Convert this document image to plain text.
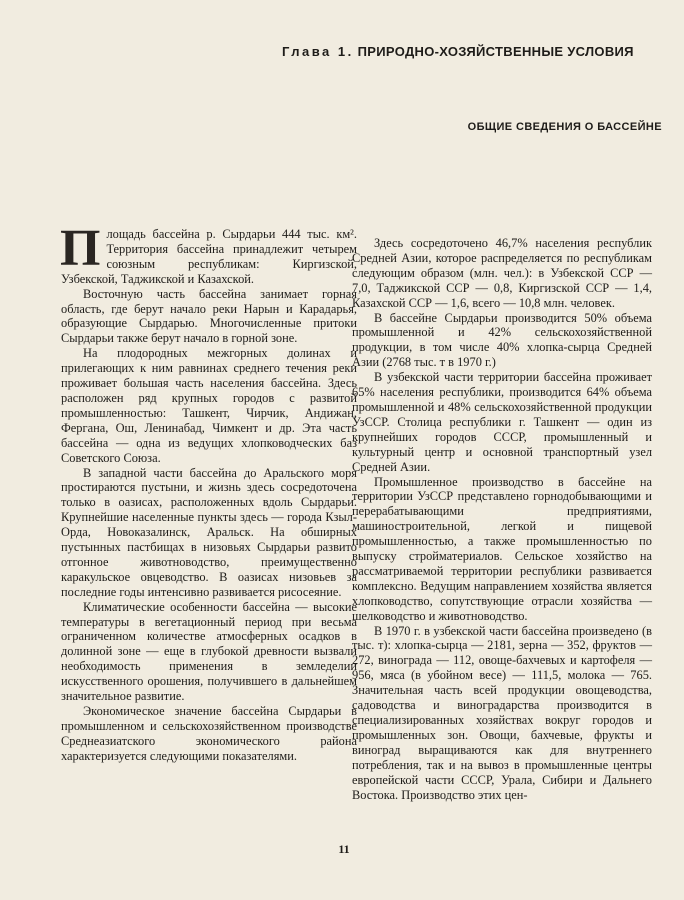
Глава 1. ПРИРОДНО-ХОЗЯЙСТВЕННЫЕ УСЛОВИЯ
ОБЩИЕ СВЕДЕНИЯ О БАССЕЙНЕ

Площадь бассейна р. Сырдарьи 444 тыс. км². Территория бассейна принадлежит четырем союзным республикам: Киргизской, Узбекской, Таджикской и Казахской.

Восточную часть бассейна занимает горная область, где берут начало реки Нарын и Карадарья, образующие Сырдарью. Многочисленные притоки Сырдарьи также берут начало в горной зоне.

На плодородных межгорных долинах и прилегающих к ним равнинах среднего течения реки проживает большая часть населения бассейна. Здесь расположен ряд крупных городов с развитой промышленностью: Ташкент, Чирчик, Андижан, Фергана, Ош, Ленинабад, Чимкент и др. Эта часть бассейна — одна из ведущих хлопководческих баз Советского Союза.

В западной части бассейна до Аральского моря простираются пустыни, и жизнь здесь сосредоточена только в оазисах, расположенных вдоль Сырдарьи. Крупнейшие населенные пункты здесь — города Кзыл-Орда, Новоказалинск, Аральск. На обширных пустынных пастбищах в низовьях Сырдарьи развито отгонное животноводство, преимущественно каракульское овцеводство. В оазисах низовьев за последние годы интенсивно развивается рисосеяние.

Климатические особенности бассейна — высокие температуры в вегетационный период при весьма ограниченном количестве атмосферных осадков в долинной зоне — еще в глубокой древности вызвали необходимость применения в земледелии искусственного орошения, получившего в дальнейшем значительное развитие.

Экономическое значение бассейна Сырдарьи в промышленном и сельскохозяйственном производстве Среднеазиатского экономического района характеризуется следующими показателями.

Здесь сосредоточено 46,7% населения республик Средней Азии, которое распределяется по республикам следующим образом (млн. чел.): в Узбекской ССР — 7,0, Таджикской ССР — 0,8, Киргизской ССР — 1,4, Казахской ССР — 1,6, всего — 10,8 млн. человек.

В бассейне Сырдарьи производится 50% объема промышленной и 42% сельскохозяйственной продукции, в том числе 40% хлопка-сырца Средней Азии (2768 тыс. т в 1970 г.)

В узбекской части территории бассейна проживает 65% населения республики, производится 64% объема промышленной и 48% сельскохозяйственной продукции УзССР. Столица республики г. Ташкент — один из крупнейших городов СССР, промышленный и культурный центр и основной транспортный узел Средней Азии.

Промышленное производство в бассейне на территории УзССР представлено горнодобывающими и перерабатывающими предприятиями, машиностроительной, легкой и пищевой промышленностью, а также промышленностью по выпуску стройматериалов. Сельское хозяйство на рассматриваемой территории республики развивается комплексно. Ведущим направлением хозяйства является хлопководство, сопутствующие отрасли хозяйства — шелководство и животноводство.

В 1970 г. в узбекской части бассейна произведено (в тыс. т): хлопка-сырца — 2181, зерна — 352, фруктов — 272, винограда — 112, овоще-бахчевых и картофеля — 956, мяса (в убойном весе) — 111,5, молока — 765. Значительная часть всей продукции овощеводства, садоводства и виноградарства производится в специализированных хозяйствах вокруг городов и промышленных зон. Овощи, бахчевые, фрукты и виноград выращиваются как для внутреннего потребления, так и на вывоз в промышленные центры европейской части СССР, Урала, Сибири и Дальнего Востока. Производство этих цен-

11
